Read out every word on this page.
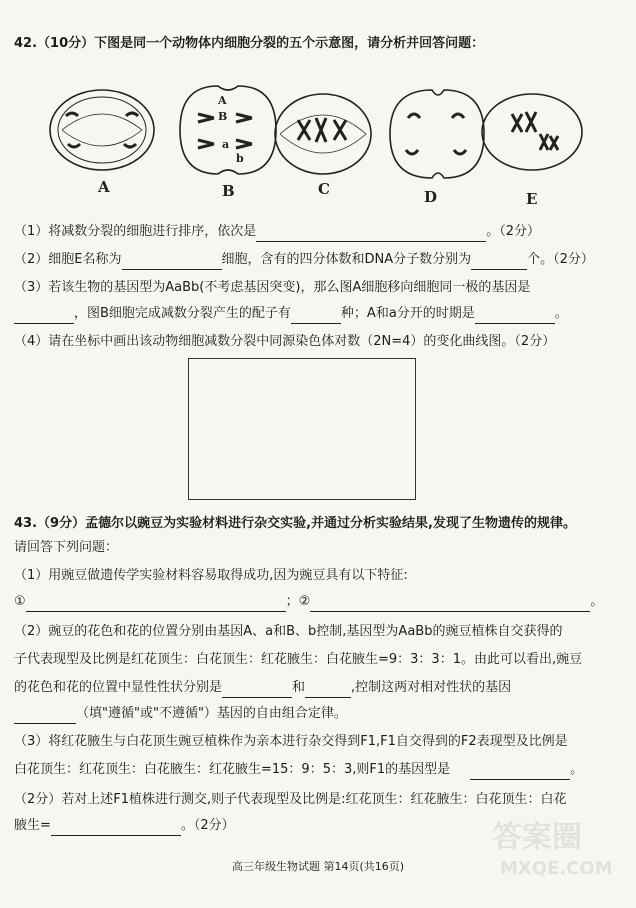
42.（10分）下图是同一个动物体内细胞分裂的五个示意图，请分析并回答问题：
A	B	C	D	E
A
B
a
b
（1）将减数分裂的细胞进行排序，依次是	。（2分）
（2）细胞E名称为	细胞，含有的四分体数和DNA分子数分别为	个。（2分）
（3）若该生物的基因型为AaBb(不考虑基因突变)，那么图A细胞移向细胞同一极的基因是
，图B细胞完成减数分裂产生的配子有	种；A和a分开的时期是	。
（4）请在坐标中画出该动物细胞减数分裂中同源染色体对数（2N=4）的变化曲线图。（2分）
43.（9分）孟德尔以豌豆为实验材料进行杂交实验,并通过分析实验结果,发现了生物遗传的规律。
请回答下列问题：
（1）用豌豆做遗传学实验材料容易取得成功,因为豌豆具有以下特征:
①	；②	。
（2）豌豆的花色和花的位置分别由基因A、a和B、b控制,基因型为AaBb的豌豆植株自交获得的
子代表现型及比例是红花顶生：白花顶生：红花腋生：白花腋生=9：3：3：1。由此可以看出,豌豆
的花色和花的位置中显性性状分别是	和	,控制这两对相对性状的基因
（填"遵循"或"不遵循"）基因的自由组合定律。
（3）将红花腋生与白花顶生豌豆植株作为亲本进行杂交得到F1,F1自交得到的F2表现型及比例是
白花顶生：红花顶生：白花腋生：红花腋生=15：9：5：3,则F1的基因型是	。
（2分）若对上述F1植株进行测交,则子代表现型及比例是:红花顶生：红花腋生：白花顶生：白花
腋生=	。（2分）
高三年级生物试题 第14页(共16页)
答案圈
MXQE.COM
